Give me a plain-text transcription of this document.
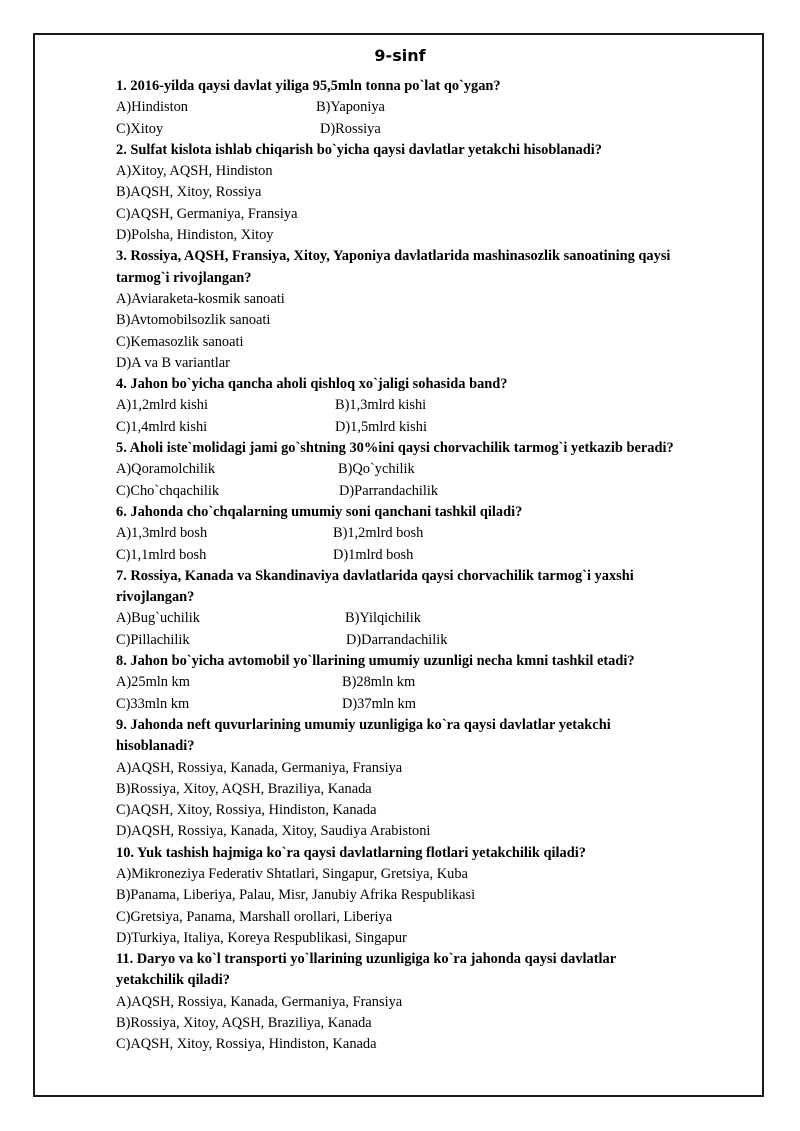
9-sinf

1. 2016-yilda qaysi davlat yiliga 95,5mln tonna po`lat qo`ygan?

A)Hindiston	B)Yaponiya
C)Xitoy	D)Rossiya

2. Sulfat kislota ishlab chiqarish bo`yicha qaysi davlatlar yetakchi hisoblanadi?

A)Xitoy, AQSH, Hindiston

B)AQSH, Xitoy, Rossiya

C)AQSH, Germaniya, Fransiya

D)Polsha, Hindiston, Xitoy

3. Rossiya, AQSH, Fransiya, Xitoy, Yaponiya davlatlarida mashinasozlik sanoatining qaysi

tarmog`i rivojlangan?

A)Aviaraketa-kosmik sanoati

B)Avtomobilsozlik sanoati

C)Kemasozlik sanoati

D)A va B variantlar

4. Jahon bo`yicha qancha aholi qishloq xo`jaligi sohasida band?

A)1,2mlrd kishi	B)1,3mlrd kishi
C)1,4mlrd kishi	D)1,5mlrd kishi

5. Aholi iste`molidagi jami go`shtning 30%ini qaysi chorvachilik tarmog`i yetkazib beradi?

A)Qoramolchilik	B)Qo`ychilik
C)Cho`chqachilik	D)Parrandachilik

6. Jahonda cho`chqalarning umumiy soni qanchani tashkil qiladi?

A)1,3mlrd bosh	B)1,2mlrd bosh
C)1,1mlrd bosh	D)1mlrd bosh

7. Rossiya, Kanada va Skandinaviya davlatlarida qaysi chorvachilik tarmog`i yaxshi

rivojlangan?

A)Bug`uchilik	B)Yilqichilik
C)Pillachilik	D)Darrandachilik

8. Jahon bo`yicha avtomobil yo`llarining umumiy uzunligi necha kmni tashkil etadi?

A)25mln km	B)28mln km
C)33mln km	D)37mln km

9. Jahonda neft quvurlarining umumiy uzunligiga ko`ra qaysi davlatlar yetakchi

hisoblanadi?

A)AQSH, Rossiya, Kanada, Germaniya, Fransiya

B)Rossiya, Xitoy, AQSH, Braziliya, Kanada

C)AQSH, Xitoy, Rossiya, Hindiston, Kanada

D)AQSH, Rossiya, Kanada, Xitoy, Saudiya Arabistoni

10. Yuk tashish hajmiga ko`ra qaysi davlatlarning flotlari yetakchilik qiladi?

A)Mikroneziya Federativ Shtatlari, Singapur, Gretsiya, Kuba

B)Panama, Liberiya, Palau, Misr, Janubiy Afrika Respublikasi

C)Gretsiya, Panama, Marshall orollari, Liberiya

D)Turkiya, Italiya, Koreya Respublikasi, Singapur

11. Daryo va ko`l transporti yo`llarining uzunligiga ko`ra jahonda qaysi davlatlar

yetakchilik qiladi?

A)AQSH, Rossiya, Kanada, Germaniya, Fransiya

B)Rossiya, Xitoy, AQSH, Braziliya, Kanada

C)AQSH, Xitoy, Rossiya, Hindiston, Kanada
